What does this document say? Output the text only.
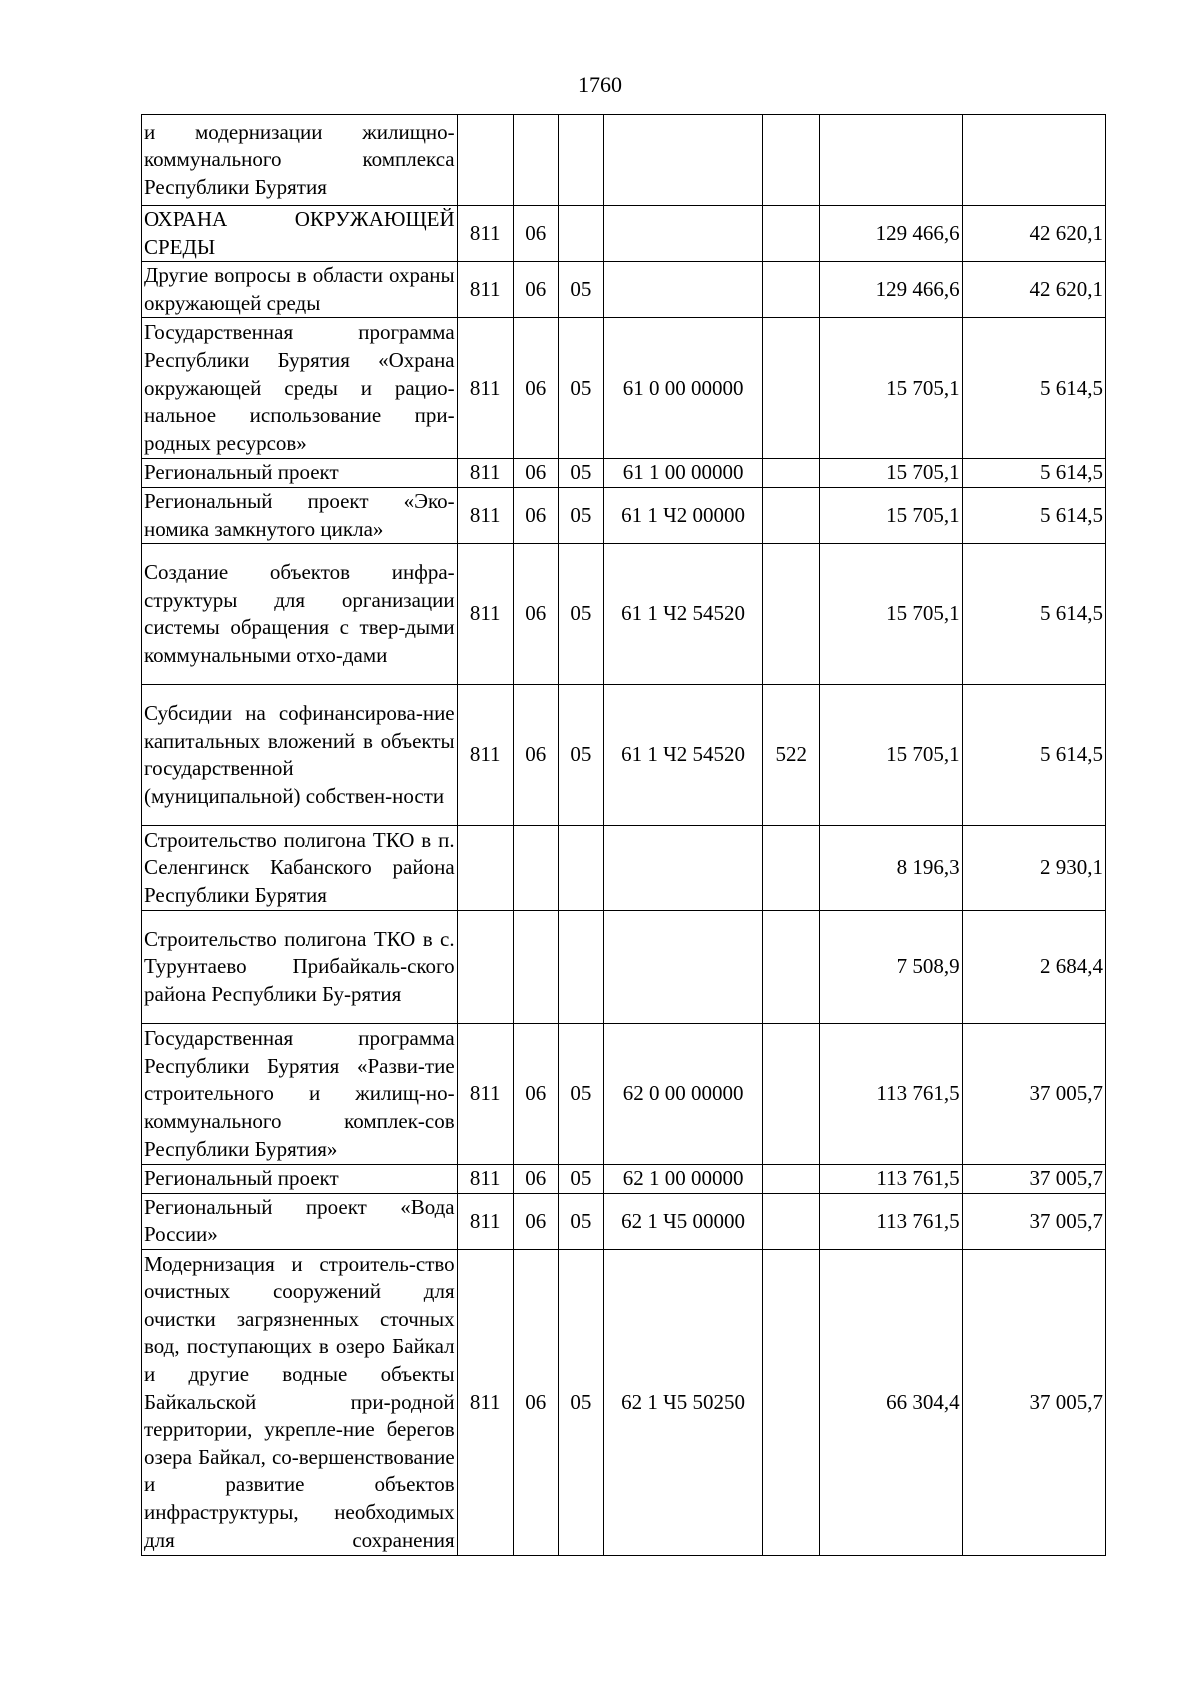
1760
и модернизации жилищно-коммунального комплекса Республики Бурятия							
ОХРАНА ОКРУЖАЮЩЕЙ СРЕДЫ	811	06				129 466,6	42 620,1
Другие вопросы в области охраны окружающей среды	811	06	05			129 466,6	42 620,1
Государственная программа Республики Бурятия «Охрана окружающей среды и рацио-нальное использование при-родных ресурсов»	811	06	05	61 0 00 00000		15 705,1	5 614,5
Региональный проект	811	06	05	61 1 00 00000		15 705,1	5 614,5
Региональный проект «Эко-номика замкнутого цикла»	811	06	05	61 1 Ч2 00000		15 705,1	5 614,5
Создание объектов инфра-структуры для организации системы обращения с твер-дыми коммунальными отхо-дами	811	06	05	61 1 Ч2 54520		15 705,1	5 614,5
Субсидии на софинансирова-ние капитальных вложений в объекты государственной (муниципальной) собствен-ности	811	06	05	61 1 Ч2 54520	522	15 705,1	5 614,5
Строительство полигона ТКО в п. Селенгинск Кабанского района Республики Бурятия						8 196,3	2 930,1
Строительство полигона ТКО в с. Турунтаево Прибайкаль-ского района Республики Бу-рятия						7 508,9	2 684,4
Государственная программа Республики Бурятия «Разви-тие строительного и жилищ-но-коммунального комплек-сов Республики Бурятия»	811	06	05	62 0 00 00000		113 761,5	37 005,7
Региональный проект	811	06	05	62 1 00 00000		113 761,5	37 005,7
Региональный проект «Вода России»	811	06	05	62 1 Ч5 00000		113 761,5	37 005,7
Модернизация и строитель-ство очистных сооружений для очистки загрязненных сточных вод, поступающих в озеро Байкал и другие водные объекты Байкальской при-родной территории, укрепле-ние берегов озера Байкал, со-вершенствование и развитие объектов инфраструктуры, необходимых для сохранения	811	06	05	62 1 Ч5 50250		66 304,4	37 005,7
